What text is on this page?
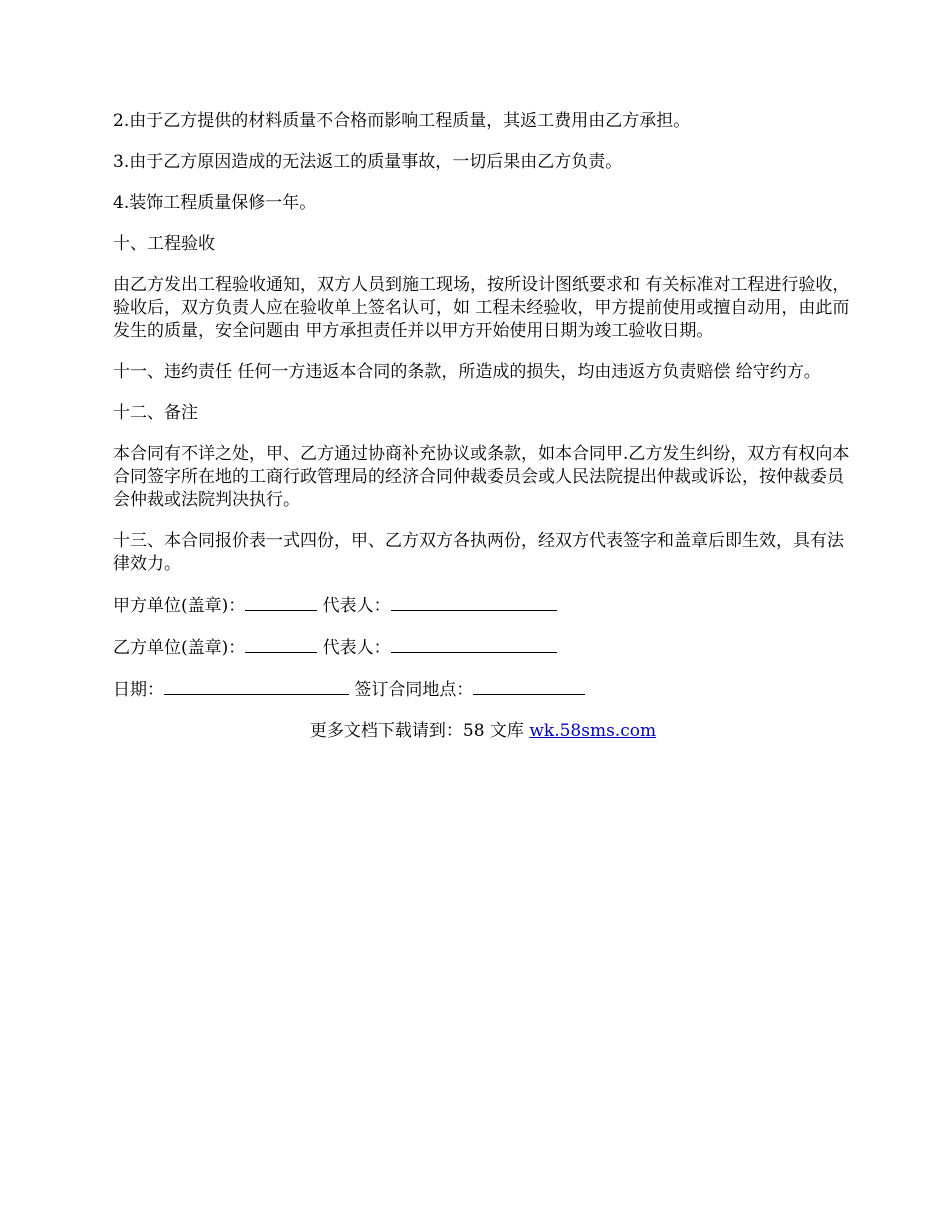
2.由于乙方提供的材料质量不合格而影响工程质量，其返工费用由乙方承担。

3.由于乙方原因造成的无法返工的质量事故，一切后果由乙方负责。

4.装饰工程质量保修一年。

十、工程验收

由乙方发出工程验收通知，双方人员到施工现场，按所设计图纸要求和 有关标准对工程进行验收，验收后，双方负责人应在验收单上签名认可，如 工程未经验收，甲方提前使用或擅自动用，由此而发生的质量，安全问题由 甲方承担责任并以甲方开始使用日期为竣工验收日期。

十一、违约责任 任何一方违返本合同的条款，所造成的损失，均由违返方负责赔偿 给守约方。

十二、备注

本合同有不详之处，甲、乙方通过协商补充协议或条款，如本合同甲.乙方发生纠纷，双方有权向本合同签字所在地的工商行政管理局的经济合同仲裁委员会或人民法院提出仲裁或诉讼，按仲裁委员会仲裁或法院判决执行。

十三、本合同报价表一式四份，甲、乙方双方各执两份，经双方代表签字和盖章后即生效，具有法律效力。

甲方单位(盖章)：	代表人：
乙方单位(盖章)：	代表人：
日期：	签订合同地点：
更多文档下载请到：58 文库 wk.58sms.com
